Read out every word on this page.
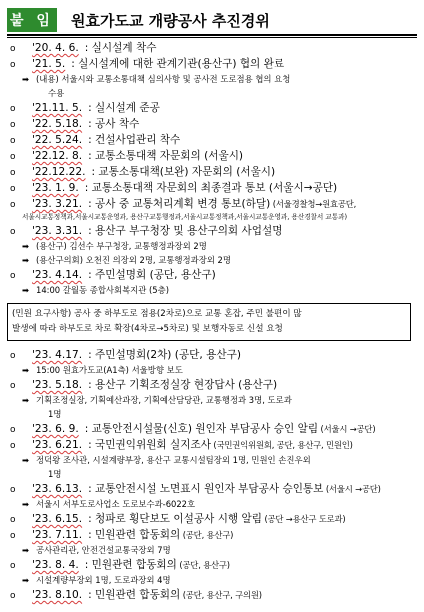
붙 임 원효가도교 개량공사 추진경위
o '20. 4. 6. : 실시설계 착수
o '21. 5. : 실시설계에 대한 관계기관(용산구) 협의 완료
➡ (내용) 서울시와 교통소통대책 심의사항 및 공사전 도로점용 협의 요청
수용
o '21.11. 5. : 실시설계 준공
o '22. 5.18. : 공사 착수
o '22. 5.24. : 건설사업관리 착수
o '22.12. 8. : 교통소통대책 자문회의 (서울시)
o '22.12.22. : 교통소통대책(보완) 자문회의 (서울시)
o '23. 1. 9. : 교통소통대책 자문회의 최종결과 통보 (서울시→공단)
o '23. 3.21. : 공사 중 교통처리계획 변경 통보(하달) (서울경찰청→원효공단,
서울시교통정책과,서울시교통운영과, 용산구교통행정과,서울시교통정책과,서울시교통운영과, 용산경찰서 교통과)
o '23. 3.31. : 용산구 부구청장 및 용산구의회 사업설명
➡ (용산구) 김선수 부구청장, 교통행정과장외 2명
➡ (용산구의회) 오천진 의장외 2명, 교통행정과장외 2명
o '23. 4.14. : 주민설명회 (공단, 용산구)
➡ 14:00 갈월동 종합사회복지관 (5층)
(민원 요구사항) 공사 중 하부도로 점용(2차로)으로 교통 혼잡, 주민 불편이 많
발생에 따라 하부도로 차로 확장(4차로→5차로) 및 보행자동로 신설 요청
o '23. 4.17. : 주민설명회(2차) (공단, 용산구)
➡ 15:00 원효가도교(A1측) 서울방향 보도
o '23. 5.18. : 용산구 기획조정실장 현장답사 (용산구)
➡ 기획조정실장, 기획예산과장, 기획예산담당관, 교통행정과 3명, 도로과
1명
o '23. 6. 9. : 교통안전시설물(신호) 원인자 부담공사 승인 알림 (서울시 →공단)
o '23. 6.21. : 국민권익위원회 실지조사 (국민권익위원회, 공단, 용산구, 민원인)
➡ 정덕왕 조사관, 시설계량부장, 용산구 교통시설팀장외 1명, 민원인 손진우외
1명
o '23. 6.13. : 교통안전시설 노면표시 원인자 부담공사 승인통보 (서울시 →공단)
➡ 서울시 서부도로사업소 도로보수과-6022호
o '23. 6.15. : 청파로 횡단보도 이설공사 시행 알림 (공단 →용산구 도로과)
o '23. 7.11. : 민원관련 합동회의 (공단, 용산구)
➡ 공사관리관, 안전건설교통국장외 7명
o '23. 8. 4. : 민원관련 합동회의 (공단, 용산구)
➡ 시설계량부장외 1명, 도로과장외 4명
o '23. 8.10. : 민원관련 합동회의 (공단, 용산구, 구의원)
